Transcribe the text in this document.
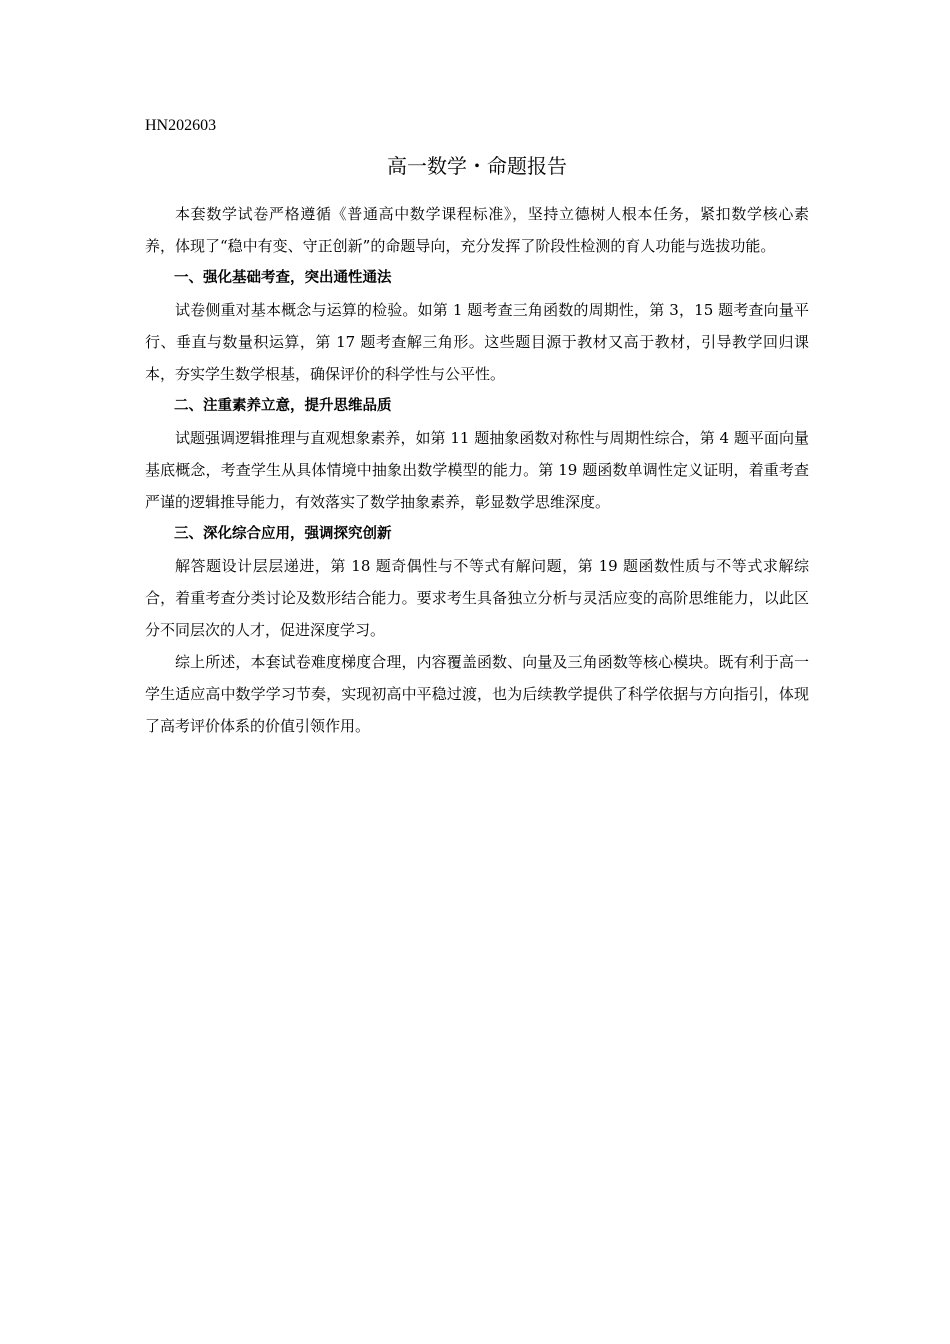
HN202603
高一数学・命题报告

本套数学试卷严格遵循《普通高中数学课程标准》，坚持立德树人根本任务，紧扣数学核心素养，体现了“稳中有变、守正创新”的命题导向，充分发挥了阶段性检测的育人功能与选拔功能。

一、强化基础考查，突出通性通法

试卷侧重对基本概念与运算的检验。如第 1 题考查三角函数的周期性，第 3，15 题考查向量平行、垂直与数量积运算，第 17 题考查解三角形。这些题目源于教材又高于教材，引导教学回归课本，夯实学生数学根基，确保评价的科学性与公平性。

二、注重素养立意，提升思维品质

试题强调逻辑推理与直观想象素养，如第 11 题抽象函数对称性与周期性综合，第 4 题平面向量基底概念，考查学生从具体情境中抽象出数学模型的能力。第 19 题函数单调性定义证明，着重考查严谨的逻辑推导能力，有效落实了数学抽象素养，彰显数学思维深度。

三、深化综合应用，强调探究创新

解答题设计层层递进，第 18 题奇偶性与不等式有解问题，第 19 题函数性质与不等式求解综合，着重考查分类讨论及数形结合能力。要求考生具备独立分析与灵活应变的高阶思维能力，以此区分不同层次的人才，促进深度学习。

综上所述，本套试卷难度梯度合理，内容覆盖函数、向量及三角函数等核心模块。既有利于高一学生适应高中数学学习节奏，实现初高中平稳过渡，也为后续教学提供了科学依据与方向指引，体现了高考评价体系的价值引领作用。
